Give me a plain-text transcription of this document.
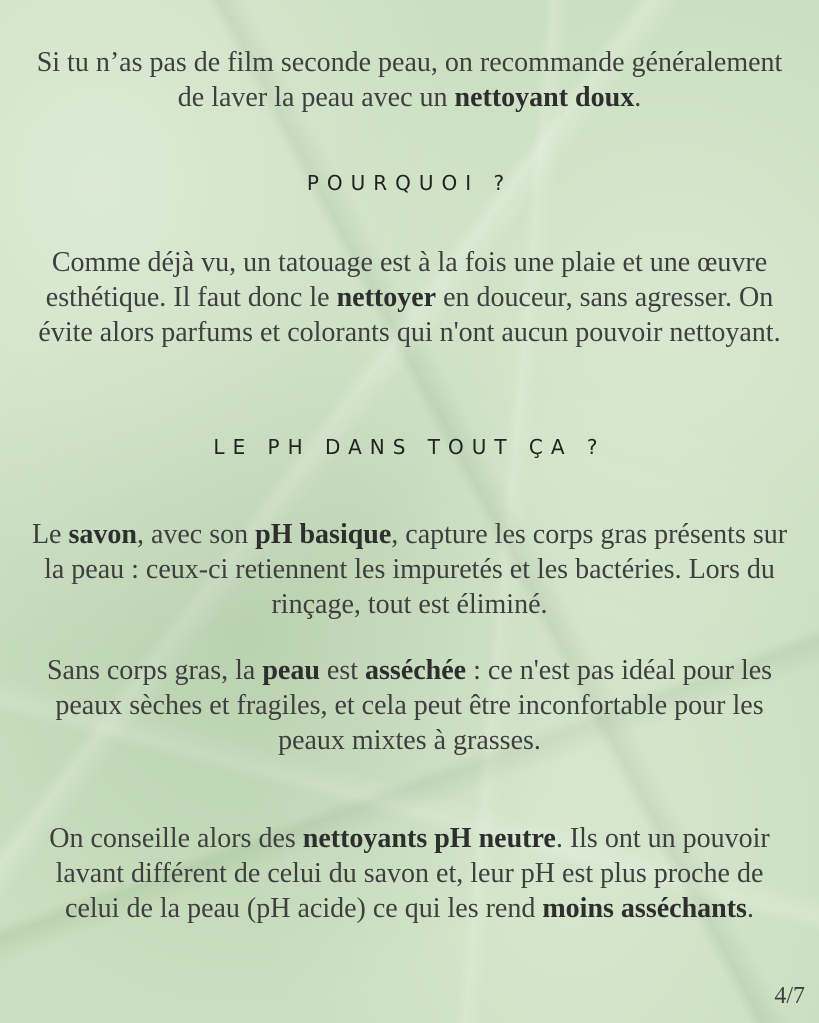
Si tu n’as pas de film seconde peau, on recommande généralement de laver la peau avec un nettoyant doux.

POURQUOI ?

Comme déjà vu, un tatouage est à la fois une plaie et une œuvre esthétique. Il faut donc le nettoyer en douceur, sans agresser. On évite alors parfums et colorants qui n'ont aucun pouvoir nettoyant.

LE PH DANS TOUT ÇA ?

Le savon, avec son pH basique, capture les corps gras présents sur la peau : ceux-ci retiennent les impuretés et les bactéries. Lors du rinçage, tout est éliminé.

Sans corps gras, la peau est asséchée : ce n'est pas idéal pour les peaux sèches et fragiles, et cela peut être inconfortable pour les peaux mixtes à grasses.

On conseille alors des nettoyants pH neutre. Ils ont un pouvoir lavant différent de celui du savon et, leur pH est plus proche de celui de la peau (pH acide) ce qui les rend moins asséchants.

4/7
